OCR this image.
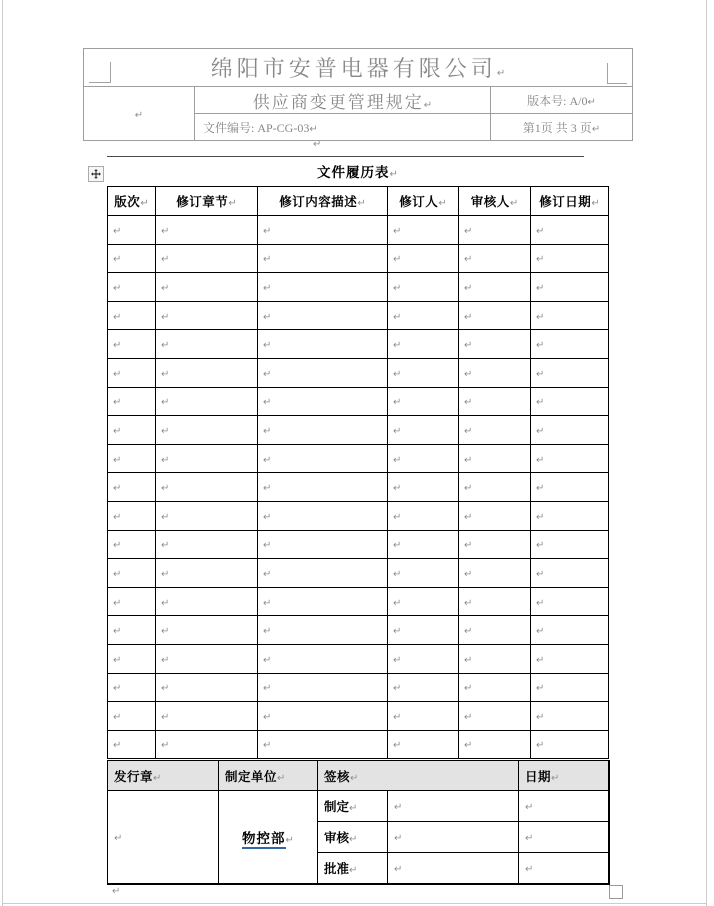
绵阳市安普电器有限公司↵		
↵	供应商变更管理规定↵	版本号: A/0↵
	文件编号: AP-CG-03↵	第1页 共 3 页↵
↵
文件履历表↵
版次↵	修订章节↵	修订内容描述↵	修订人↵	审核人↵	修订日期↵
↵	↵	↵	↵	↵	↵
↵	↵	↵	↵	↵	↵
↵	↵	↵	↵	↵	↵
↵	↵	↵	↵	↵	↵
↵	↵	↵	↵	↵	↵
↵	↵	↵	↵	↵	↵
↵	↵	↵	↵	↵	↵
↵	↵	↵	↵	↵	↵
↵	↵	↵	↵	↵	↵
↵	↵	↵	↵	↵	↵
↵	↵	↵	↵	↵	↵
↵	↵	↵	↵	↵	↵
↵	↵	↵	↵	↵	↵
↵	↵	↵	↵	↵	↵
↵	↵	↵	↵	↵	↵
↵	↵	↵	↵	↵	↵
↵	↵	↵	↵	↵	↵
↵	↵	↵	↵	↵	↵
↵	↵	↵	↵	↵	↵
发行章↵	制定单位↵	签核↵		日期↵
↵	物控部↵	制定↵	↵	↵
		审核↵	↵	↵
		批准↵	↵	↵
↵
